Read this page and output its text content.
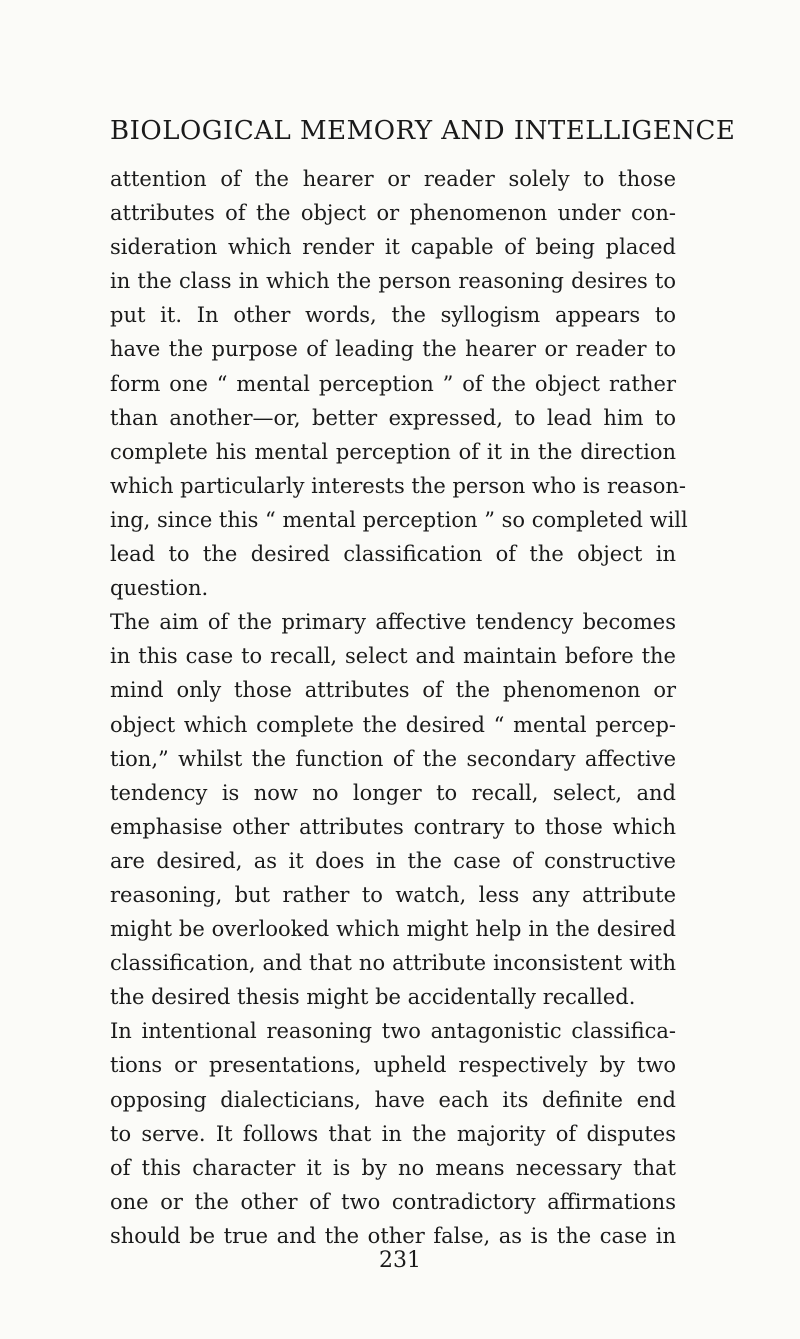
BIOLOGICAL MEMORY AND INTELLIGENCE
attention of the hearer or reader solely to those
attributes of the object or phenomenon under con-
sideration which render it capable of being placed
in the class in which the person reasoning desires to
put it. In other words, the syllogism appears to
have the purpose of leading the hearer or reader to
form one “ mental perception ” of the object rather
than another—or, better expressed, to lead him to
complete his mental perception of it in the direction
which particularly interests the person who is reason-
ing, since this “ mental perception ” so completed will
lead to the desired classification of the object in
question.
The aim of the primary affective tendency becomes
in this case to recall, select and maintain before the
mind only those attributes of the phenomenon or
object which complete the desired “ mental percep-
tion,” whilst the function of the secondary affective
tendency is now no longer to recall, select, and
emphasise other attributes contrary to those which
are desired, as it does in the case of constructive
reasoning, but rather to watch, less any attribute
might be overlooked which might help in the desired
classification, and that no attribute inconsistent with
the desired thesis might be accidentally recalled.
In intentional reasoning two antagonistic classifica-
tions or presentations, upheld respectively by two
opposing dialecticians, have each its definite end
to serve. It follows that in the majority of disputes
of this character it is by no means necessary that
one or the other of two contradictory affirmations
should be true and the other false, as is the case in
231
